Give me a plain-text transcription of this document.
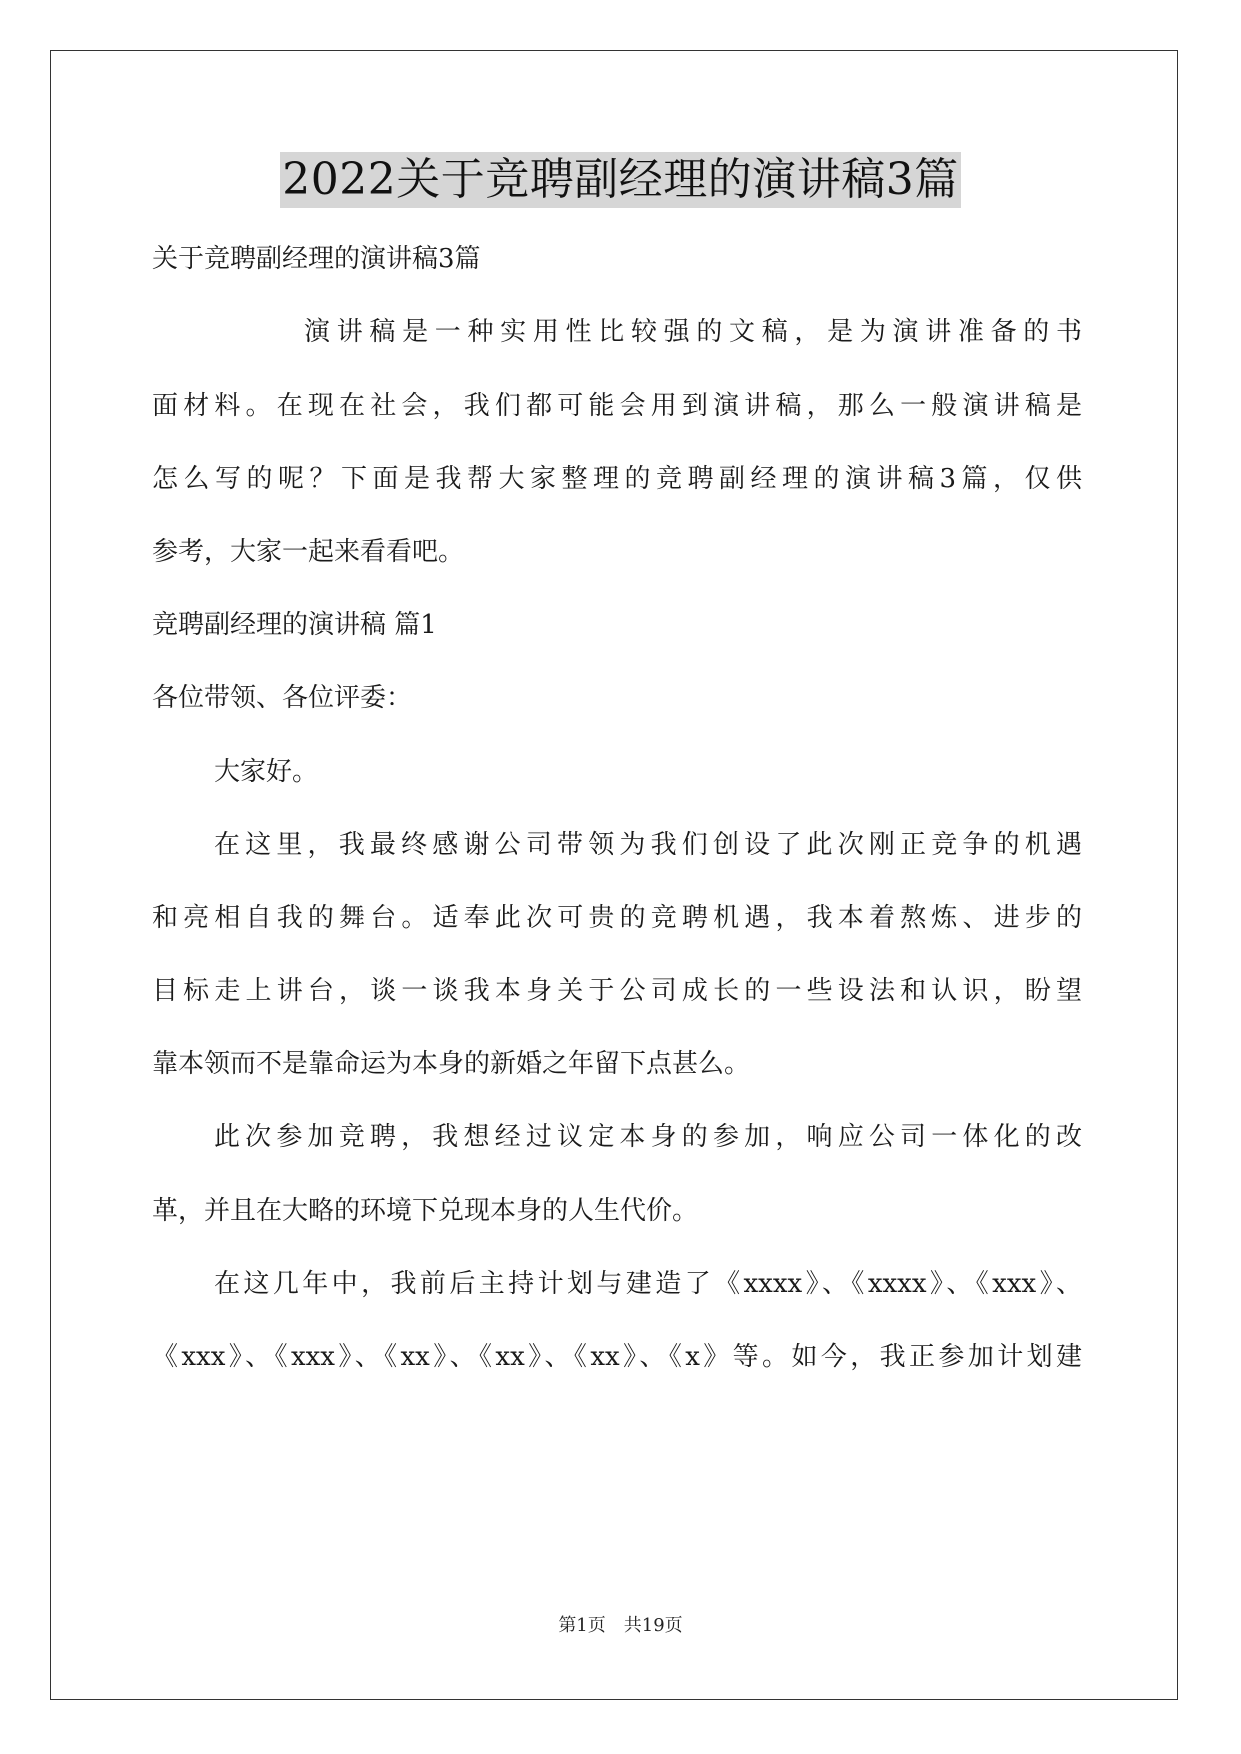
2022关于竞聘副经理的演讲稿3篇
关于竞聘副经理的演讲稿3篇
演讲稿是一种实用性比较强的文稿，是为演讲准备的书
面材料。在现在社会，我们都可能会用到演讲稿，那么一般演讲稿是
怎么写的呢？下面是我帮大家整理的竞聘副经理的演讲稿3篇，仅供
参考，大家一起来看看吧。
竞聘副经理的演讲稿 篇1
各位带领、各位评委：
大家好。
在这里，我最终感谢公司带领为我们创设了此次刚正竞争的机遇
和亮相自我的舞台。适奉此次可贵的竞聘机遇，我本着熬炼、进步的
目标走上讲台，谈一谈我本身关于公司成长的一些设法和认识，盼望
靠本领而不是靠命运为本身的新婚之年留下点甚么。
此次参加竞聘，我想经过议定本身的参加，响应公司一体化的改
革，并且在大略的环境下兑现本身的人生代价。
在这几年中，我前后主持计划与建造了《xxxx》、《xxxx》、《xxx》、
《xxx》、《xxx》、《xx》、《xx》、《xx》、《x》等。如今，我正参加计划建
第1页　共19页
